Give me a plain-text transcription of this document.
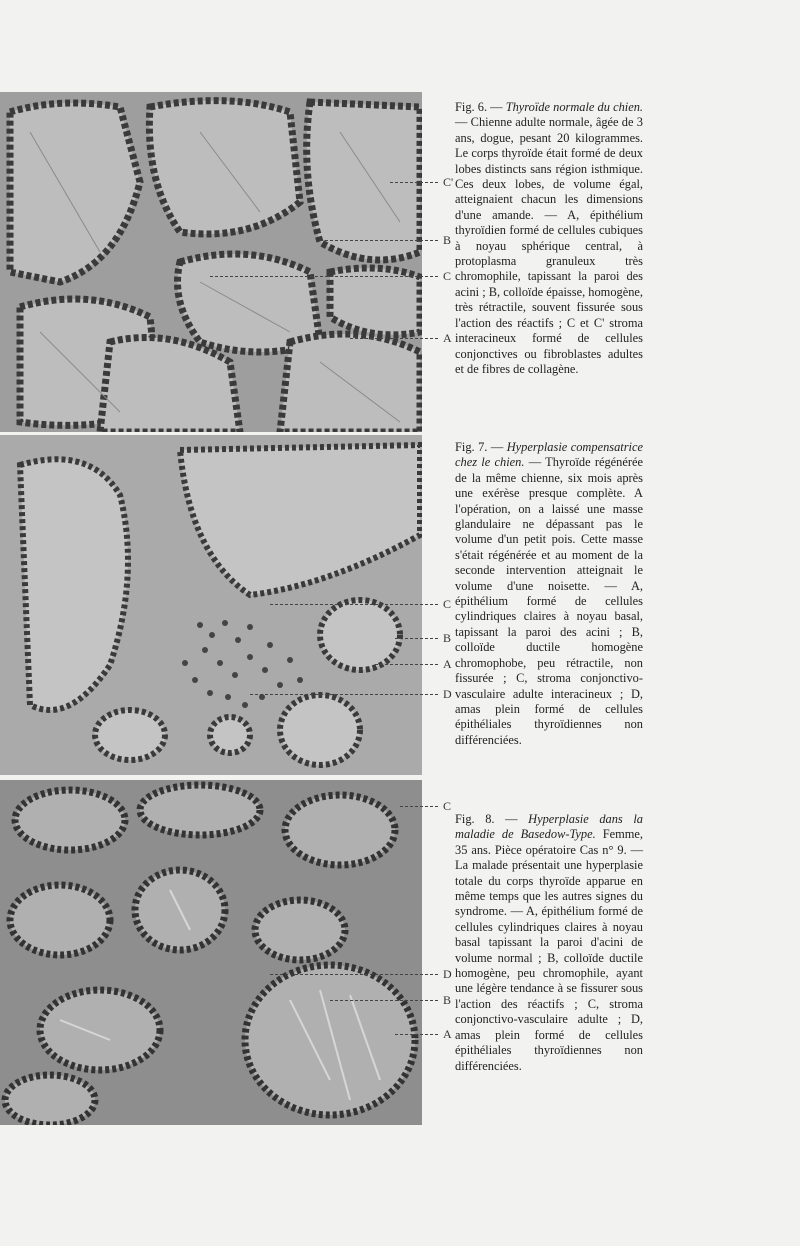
C'
B
C
A
Fig. 6. — Thyroïde normale du chien. — Chienne adulte normale, âgée de 3 ans, dogue, pesant 20 kilogrammes. Le corps thyroïde était formé de deux lobes distincts sans région isthmique. Ces deux lobes, de volume égal, atteignaient chacun les dimensions d'une amande. — A, épithélium thyroïdien formé de cellules cubiques à noyau sphérique central, à protoplasma granuleux très chromophile, tapissant la paroi des acini ; B, colloïde épaisse, homogène, très rétractile, souvent fissurée sous l'action des réactifs ; C et C' stroma interacineux formé de cellules conjonctives ou fibroblastes adultes et de fibres de collagène.
C
B
A
D
Fig. 7. — Hyperplasie compensatrice chez le chien. — Thyroïde régénérée de la même chienne, six mois après une exérèse presque complète. A l'opération, on a laissé une masse glandulaire ne dépassant pas le volume d'un petit pois. Cette masse s'était régénérée et au moment de la seconde intervention atteignait le volume d'une noisette. — A, épithélium formé de cellules cylindriques claires à noyau basal, tapissant la paroi des acini ; B, colloïde ductile homogène chromophobe, peu rétractile, non fissurée ; C, stroma conjonctivo-vasculaire adulte interacineux ; D, amas plein formé de cellules épithéliales thyroïdiennes non différenciées.
C
D
B
A
Fig. 8. — Hyperplasie dans la maladie de Basedow-Type. Femme, 35 ans. Pièce opératoire Cas n° 9. — La malade présentait une hyperplasie totale du corps thyroïde apparue en même temps que les autres signes du syndrome. — A, épithélium formé de cellules cylindriques claires à noyau basal tapissant la paroi d'acini de volume normal ; B, colloïde ductile homogène, peu chromophile, ayant une légère tendance à se fissurer sous l'action des réactifs ; C, stroma conjonctivo-vasculaire adulte ; D, amas plein formé de cellules épithéliales thyroïdiennes non différenciées.
